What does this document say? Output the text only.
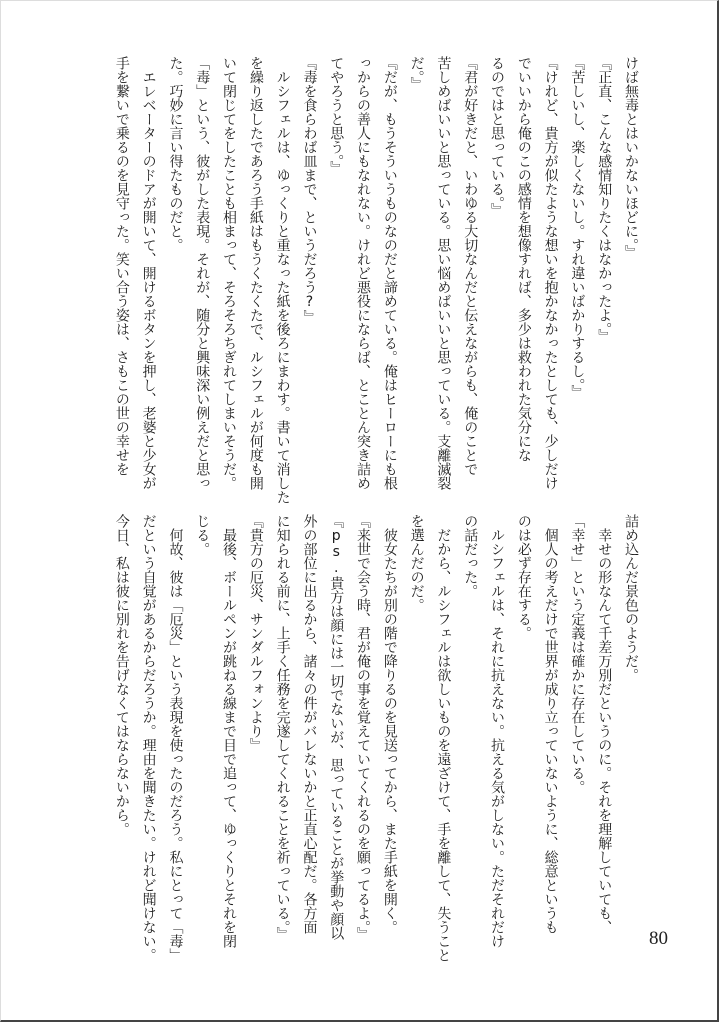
けば無毒とはいかないほどに。』
『正直、こんな感情知りたくはなかったよ。』
『苦しいし、楽しくないし。すれ違いばかりするし。』
『けれど、貴方が似たような想いを抱かなかったとしても、少しだけ
でいいから俺のこの感情を想像すれば、多少は救われた気分にな
るのではと思っている。』
『君が好きだと、いわゆる大切なんだと伝えながらも、俺のことで
苦しめばいいと思っている。思い悩めばいいと思っている。支離滅裂
だ。』
『だが、もうそういうものなのだと諦めている。俺はヒーローにも根
っからの善人にもなれない。けれど悪役にならば、とことん突き詰め
てやろうと思う。』
『毒を食らわば皿まで、というだろう?』
　ルシフェルは、ゆっくりと重なった紙を後ろにまわす。書いて消した
を繰り返したであろう手紙はもうくたくたで、ルシフェルが何度も開
いて閉じてをしたことも相まって、そろそろちぎれてしまいそうだ。
「毒」という、彼がした表現。それが、随分と興味深い例えだと思っ
た。巧妙に言い得たものだと。
　エレベーターのドアが開いて、開けるボタンを押し、老婆と少女が
手を繋いで乗るのを見守った。笑い合う姿は、さもこの世の幸せを
詰め込んだ景色のようだ。
　幸せの形なんて千差万別だというのに。それを理解していても、
「幸せ」という定義は確かに存在している。
　個人の考えだけで世界が成り立っていないように、総意というも
のは必ず存在する。
　ルシフェルは、それに抗えない。抗える気がしない。ただそれだけ
の話だった。
　だから、ルシフェルは欲しいものを遠ざけて、手を離して、失うこと
を選んだのだ。
　彼女たちが別の階で降りるのを見送ってから、また手紙を開く。
『来世で会う時、君が俺の事を覚えていてくれるのを願ってるよ。』
『ps.貴方は顔には一切でないが、思っていることが挙動や顔以
外の部位に出るから、諸々の件がバレないかと正直心配だ。各方面
に知られる前に、上手く任務を完遂してくれることを祈っている。』
『貴方の厄災、サンダルフォンより』
　最後、ボールペンが跳ねる線まで目で追って、ゆっくりとそれを閉
じる。
　何故、彼は「厄災」という表現を使ったのだろう。私にとって「毒」
だという自覚があるからだろうか。理由を聞きたい。けれど聞けない。
今日、私は彼に別れを告げなくてはならないから。
80
